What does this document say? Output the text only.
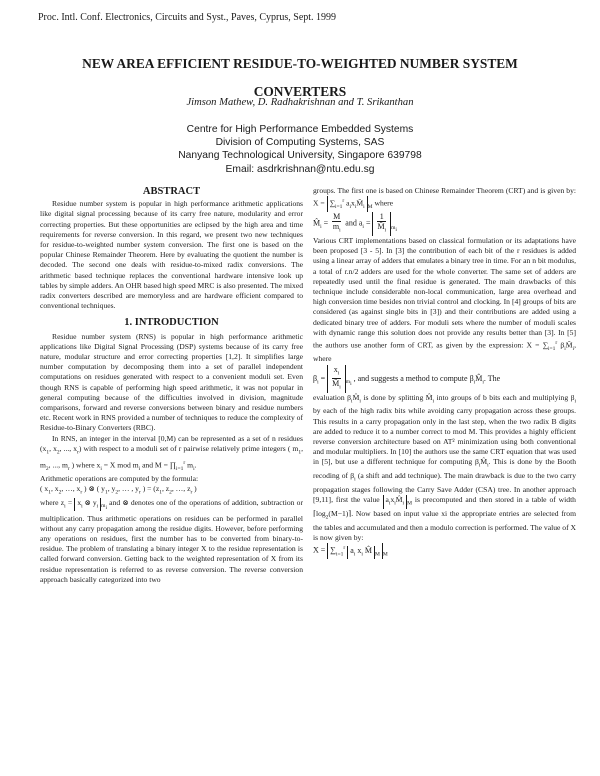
Proc. Intl. Conf. Electronics, Circuits and Syst., Paves, Cyprus, Sept. 1999
NEW AREA EFFICIENT RESIDUE-TO-WEIGHTED NUMBER SYSTEM
CONVERTERS
Jimson Mathew, D. Radhakrishnan and T. Srikanthan
Centre for High Performance Embedded Systems
Division of Computing Systems, SAS
Nanyang Technological University, Singapore 639798
Email: asdrkrishnan@ntu.edu.sg
ABSTRACT

Residue number system is popular in high performance arithmetic applications like digital signal processing because of its carry free nature, modularity and error correcting properties. But these opportunities are eclipsed by the high area and time requirements for reverse conversion. In this regard, we present two new techniques for residue-to-weighted number system conversion. The first one is based on the popular Chinese Remainder Theorem. Here by evaluating the quotient the number is decoded. The second one deals with residue-to-mixed radix conversions. The arithmetic based technique replaces the conventional hardware intensive look up tables by simple adders. An OHR based high speed MRC is also presented. The mixed radix converters described are memoryless and are hardware efficient compared to conventional techniques.

1. INTRODUCTION

Residue number system (RNS) is popular in high performance arithmetic applications like Digital Signal Processing (DSP) systems because of its carry free nature, modular structure and error correcting properties [1,2]. It simplifies large number computation by decomposing them into a set of parallel independent computations on residues generated with respect to a convenient moduli set. Even though RNS is capable of performing high speed arithmetic, it was not popular in general computing because of the difficulties involved in division, magnitude comparisons, forward and reverse conversions between binary and residue numbers etc. Recent work in RNS provided a number of techniques to reduce the complexity of Residue-to-Binary Converters (RBC).

In RNS, an integer in the interval [0,M) can be represented as a set of n residues ($x_1$, $x_2$, ..., $x_r$) with respect to a moduli set of r pairwise relatively prime integers ( $m_1$, $m_2$, ..., $m_r$ ) where $x_i = X$ mod $m_i$ and $M = \prod_{i=1}^r$ $m_i$.

Arithmetic operations are computed by the formula:

( $x_1$, $x_2$, …, $x_r$ ) ⊗ ( $y_1$, $y_2$, … , $y_r$ ) = ($z_1$, $z_2$, …, $z_r$ )

where $z_i = x_i$ ⊗ $y_i$ $_{m_i}$ and ⊗ denotes one of the operations of addition, subtraction or multiplication. Thus arithmetic operations on residues can be performed in parallel without any carry propagation among the residue digits. However, before performing any operations on residues, first the number has to be converted from binary-to-residue. The problem of translating a binary integer X to the residue representation is called forward conversion. Getting back to the weighted representation of X from its residue representation is referred to as reverse conversion. The reverse conversion approach basically categorized into two

groups. The first one is based on Chinese Remainder Theorem (CRT) and is given by: $X = \sum_{i=1}^r$ $a_ix_iM̂_i$ $_M$ where

$M̂_i = \frac{M}{m_i}$ and $a_i = \frac{1}{M̂_i} _{m_i}$

Various CRT implementations based on classical formulation or its adaptations have been proposed [3 - 5]. In [3] the contribution of each bit of the r residues is added using a linear array of adders that emulates a binary tree in time. For an n bit modulus, a total of r.n/2 adders are used for the whole converter. The same set of adders are repeatedly used until the final residue is generated. The main drawbacks of this technique include considerable non-local communication, large area overhead and high conversion time besides non trivial control and clocking. In [4] groups of bits are considered (as against single bits in [3]) and their contributions are added using a dedicated binary tree of adders. For moduli sets where the number of moduli scales with dynamic range this solution does not provide any results better than [3]. In [5] the authors use another form of CRT, as given by the expression: $X = \sum_{i=1}^r$ $\beta_iM̂_i$, where

$\beta_i = \frac{x_i}{M̂_i} _{m_i}$ , and suggests a method to compute $\beta_iM̂_i$. The

evaluation $\beta_iM̂_i$ is done by splitting $M̂_i$ into groups of b bits each and multiplying $\beta_i$ by each of the high radix bits while avoiding carry propagation across these groups. This results in a carry propagation only in the last step, when the two radix B digits are added to reduce it to a number correct to mod M. This provides a highly efficient reverse conversion architecture based on AT² minimization using both conventional and modular multipliers. In [10] the authors use the same CRT equation that was used in [5], but use a different technique for computing $\beta_iM̂_i$. This is done by the Booth recoding of $\beta_i$ (a shift and add technique). The main drawback is due to the two carry propagation stages following the Carry Save Adder (CSA) tree. In another approach [9,11], first the value $a_ix_iM̂_i$ $_M$ is precomputed and then stored in a table of width $⌈\log_2(M-1)⌉$. Now based on input value xi the appropriate entries are selected from the tables and accumulated and then a modulo correction is performed. The value of X is now given by:

$X = \sum_{i=1}^r$ $a_i$ $x_i$ M̂ $_M$ $_M$
